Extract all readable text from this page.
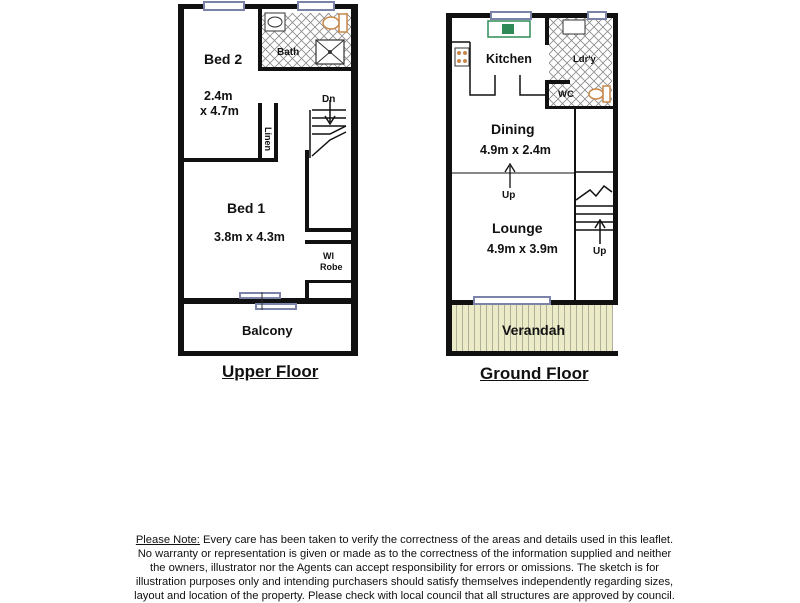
Bed 2
2.4m
x 4.7m
Bath
Dn
Linen
Bed 1
3.8m x 4.3m
WI
Robe
Balcony
Kitchen	Ldr'y
WC
Dining
4.9m x 2.4m
Up
Lounge
4.9m x 3.9m	Up
Verandah
Upper Floor	Ground Floor
Please Note: Every care has been taken to verify the correctness of the areas and details used in this leaflet. No warranty or representation is given or made as to the correctness of the information supplied and neither the owners, illustrator nor the Agents can accept responsibility for errors or omissions. The sketch is for illustration purposes only and intending purchasers should satisfy themselves independently regarding sizes, layout and location of the property. Please check with local council that all structures are approved by council.
